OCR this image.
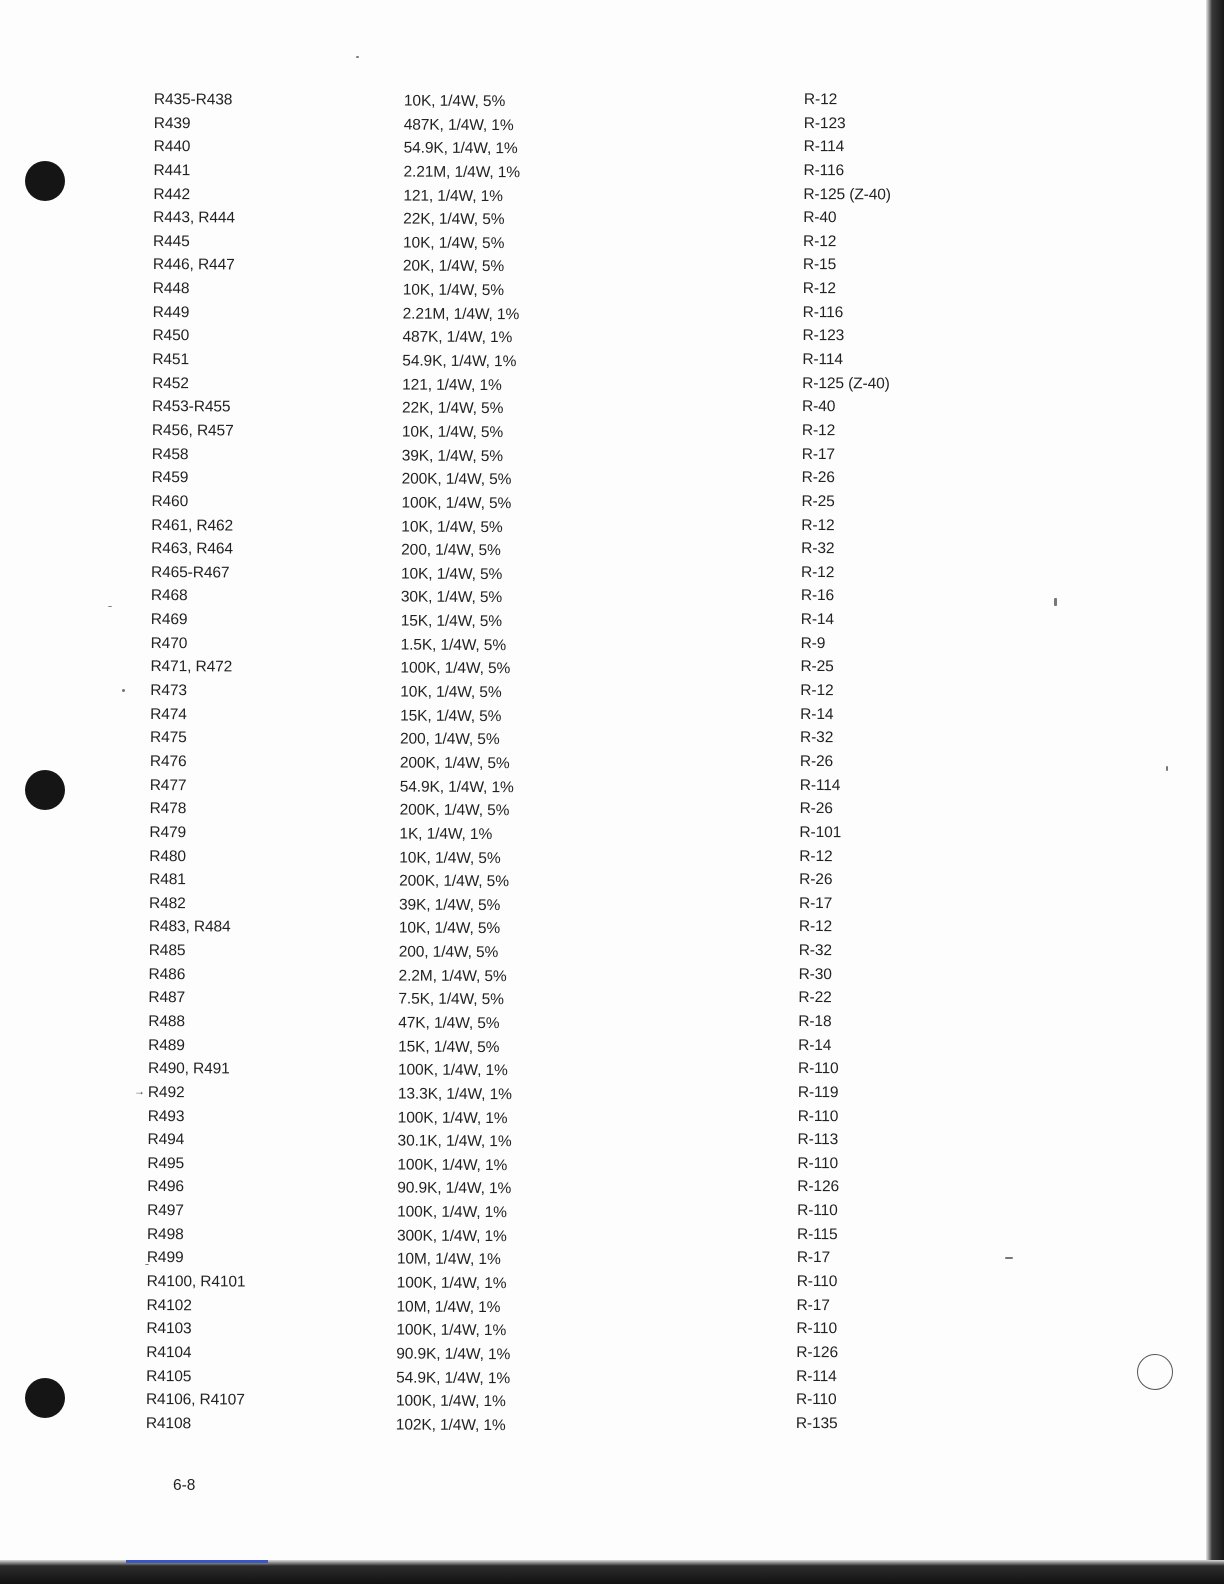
R435-R438	10K, 1/4W, 5%	R-12
R439	487K, 1/4W, 1%	R-123
R440	54.9K, 1/4W, 1%	R-114
R441	2.21M, 1/4W, 1%	R-116
R442	121, 1/4W, 1%	R-125 (Z-40)
R443, R444	22K, 1/4W, 5%	R-40
R445	10K, 1/4W, 5%	R-12
R446, R447	20K, 1/4W, 5%	R-15
R448	10K, 1/4W, 5%	R-12
R449	2.21M, 1/4W, 1%	R-116
R450	487K, 1/4W, 1%	R-123
R451	54.9K, 1/4W, 1%	R-114
R452	121, 1/4W, 1%	R-125 (Z-40)
R453-R455	22K, 1/4W, 5%	R-40
R456, R457	10K, 1/4W, 5%	R-12
R458	39K, 1/4W, 5%	R-17
R459	200K, 1/4W, 5%	R-26
R460	100K, 1/4W, 5%	R-25
R461, R462	10K, 1/4W, 5%	R-12
R463, R464	200, 1/4W, 5%	R-32
R465-R467	10K, 1/4W, 5%	R-12
R468	30K, 1/4W, 5%	R-16
R469	15K, 1/4W, 5%	R-14
R470	1.5K, 1/4W, 5%	R-9
R471, R472	100K, 1/4W, 5%	R-25
R473	10K, 1/4W, 5%	R-12
R474	15K, 1/4W, 5%	R-14
R475	200, 1/4W, 5%	R-32
R476	200K, 1/4W, 5%	R-26
R477	54.9K, 1/4W, 1%	R-114
R478	200K, 1/4W, 5%	R-26
R479	1K, 1/4W, 1%	R-101
R480	10K, 1/4W, 5%	R-12
R481	200K, 1/4W, 5%	R-26
R482	39K, 1/4W, 5%	R-17
R483, R484	10K, 1/4W, 5%	R-12
R485	200, 1/4W, 5%	R-32
R486	2.2M, 1/4W, 5%	R-30
R487	7.5K, 1/4W, 5%	R-22
R488	47K, 1/4W, 5%	R-18
R489	15K, 1/4W, 5%	R-14
R490, R491	100K, 1/4W, 1%	R-110
R492	13.3K, 1/4W, 1%	R-119
→
R493	100K, 1/4W, 1%	R-110
R494	30.1K, 1/4W, 1%	R-113
R495	100K, 1/4W, 1%	R-110
R496	90.9K, 1/4W, 1%	R-126
R497	100K, 1/4W, 1%	R-110
R498	300K, 1/4W, 1%	R-115
R499	10M, 1/4W, 1%	R-17
R4100, R4101	100K, 1/4W, 1%	R-110
R4102	10M, 1/4W, 1%	R-17
R4103	100K, 1/4W, 1%	R-110
R4104	90.9K, 1/4W, 1%	R-126
R4105	54.9K, 1/4W, 1%	R-114
R4106, R4107	100K, 1/4W, 1%	R-110
R4108	102K, 1/4W, 1%	R-135
6-8
